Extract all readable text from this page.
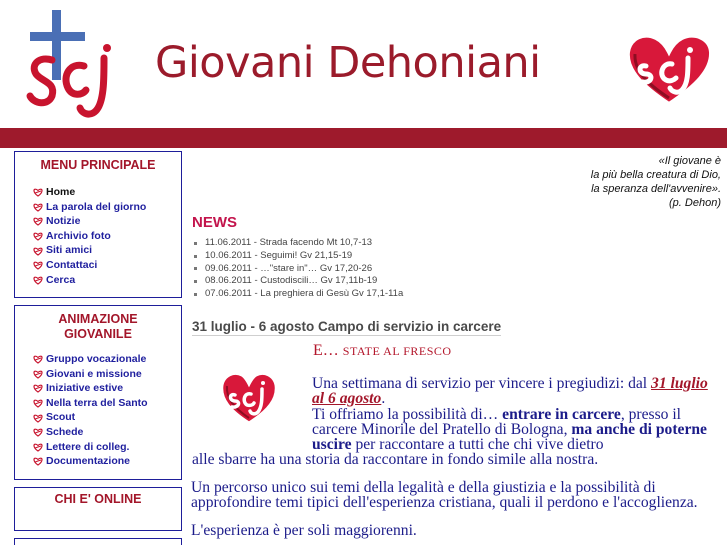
Giovani Dehoniani
MENU PRINCIPALE
Home
La parola del giorno
Notizie
Archivio foto
Siti amici
Contattaci
Cerca
ANIMAZIONE
GIOVANILE
Gruppo vocazionale
Giovani e missione
Iniziative estive
Nella terra del Santo
Scout
Schede
Lettere di colleg.
Documentazione
CHI E' ONLINE
«Il giovane è
la più bella creatura di Dio,
la speranza dell'avvenire».
(p. Dehon)
NEWS
11.06.2011 - Strada facendo Mt 10,7-13
10.06.2011 - Seguimi! Gv 21,15-19
09.06.2011 - …"stare in"… Gv 17,20-26
08.06.2011 - Custodiscili… Gv 17,11b-19
07.06.2011 - La preghiera di Gesù Gv 17,1-11a
31 luglio - 6 agosto Campo di servizio in carcere
E… STATE AL FRESCO
Una settimana di servizio per vincere i pregiudizi: dal 31 luglio al 6 agosto.
Ti offriamo la possibilità di… entrare in carcere, presso il carcere Minorile del Pratello di Bologna, ma anche di poterne uscire per raccontare a tutti che chi vive dietro
alle sbarre ha una storia da raccontare in fondo simile alla nostra.
Un percorso unico sui temi della legalità e della giustizia e la possibilità di approfondire temi tipici dell'esperienza cristiana, quali il perdono e l'accoglienza.
L'esperienza è per soli maggiorenni.
